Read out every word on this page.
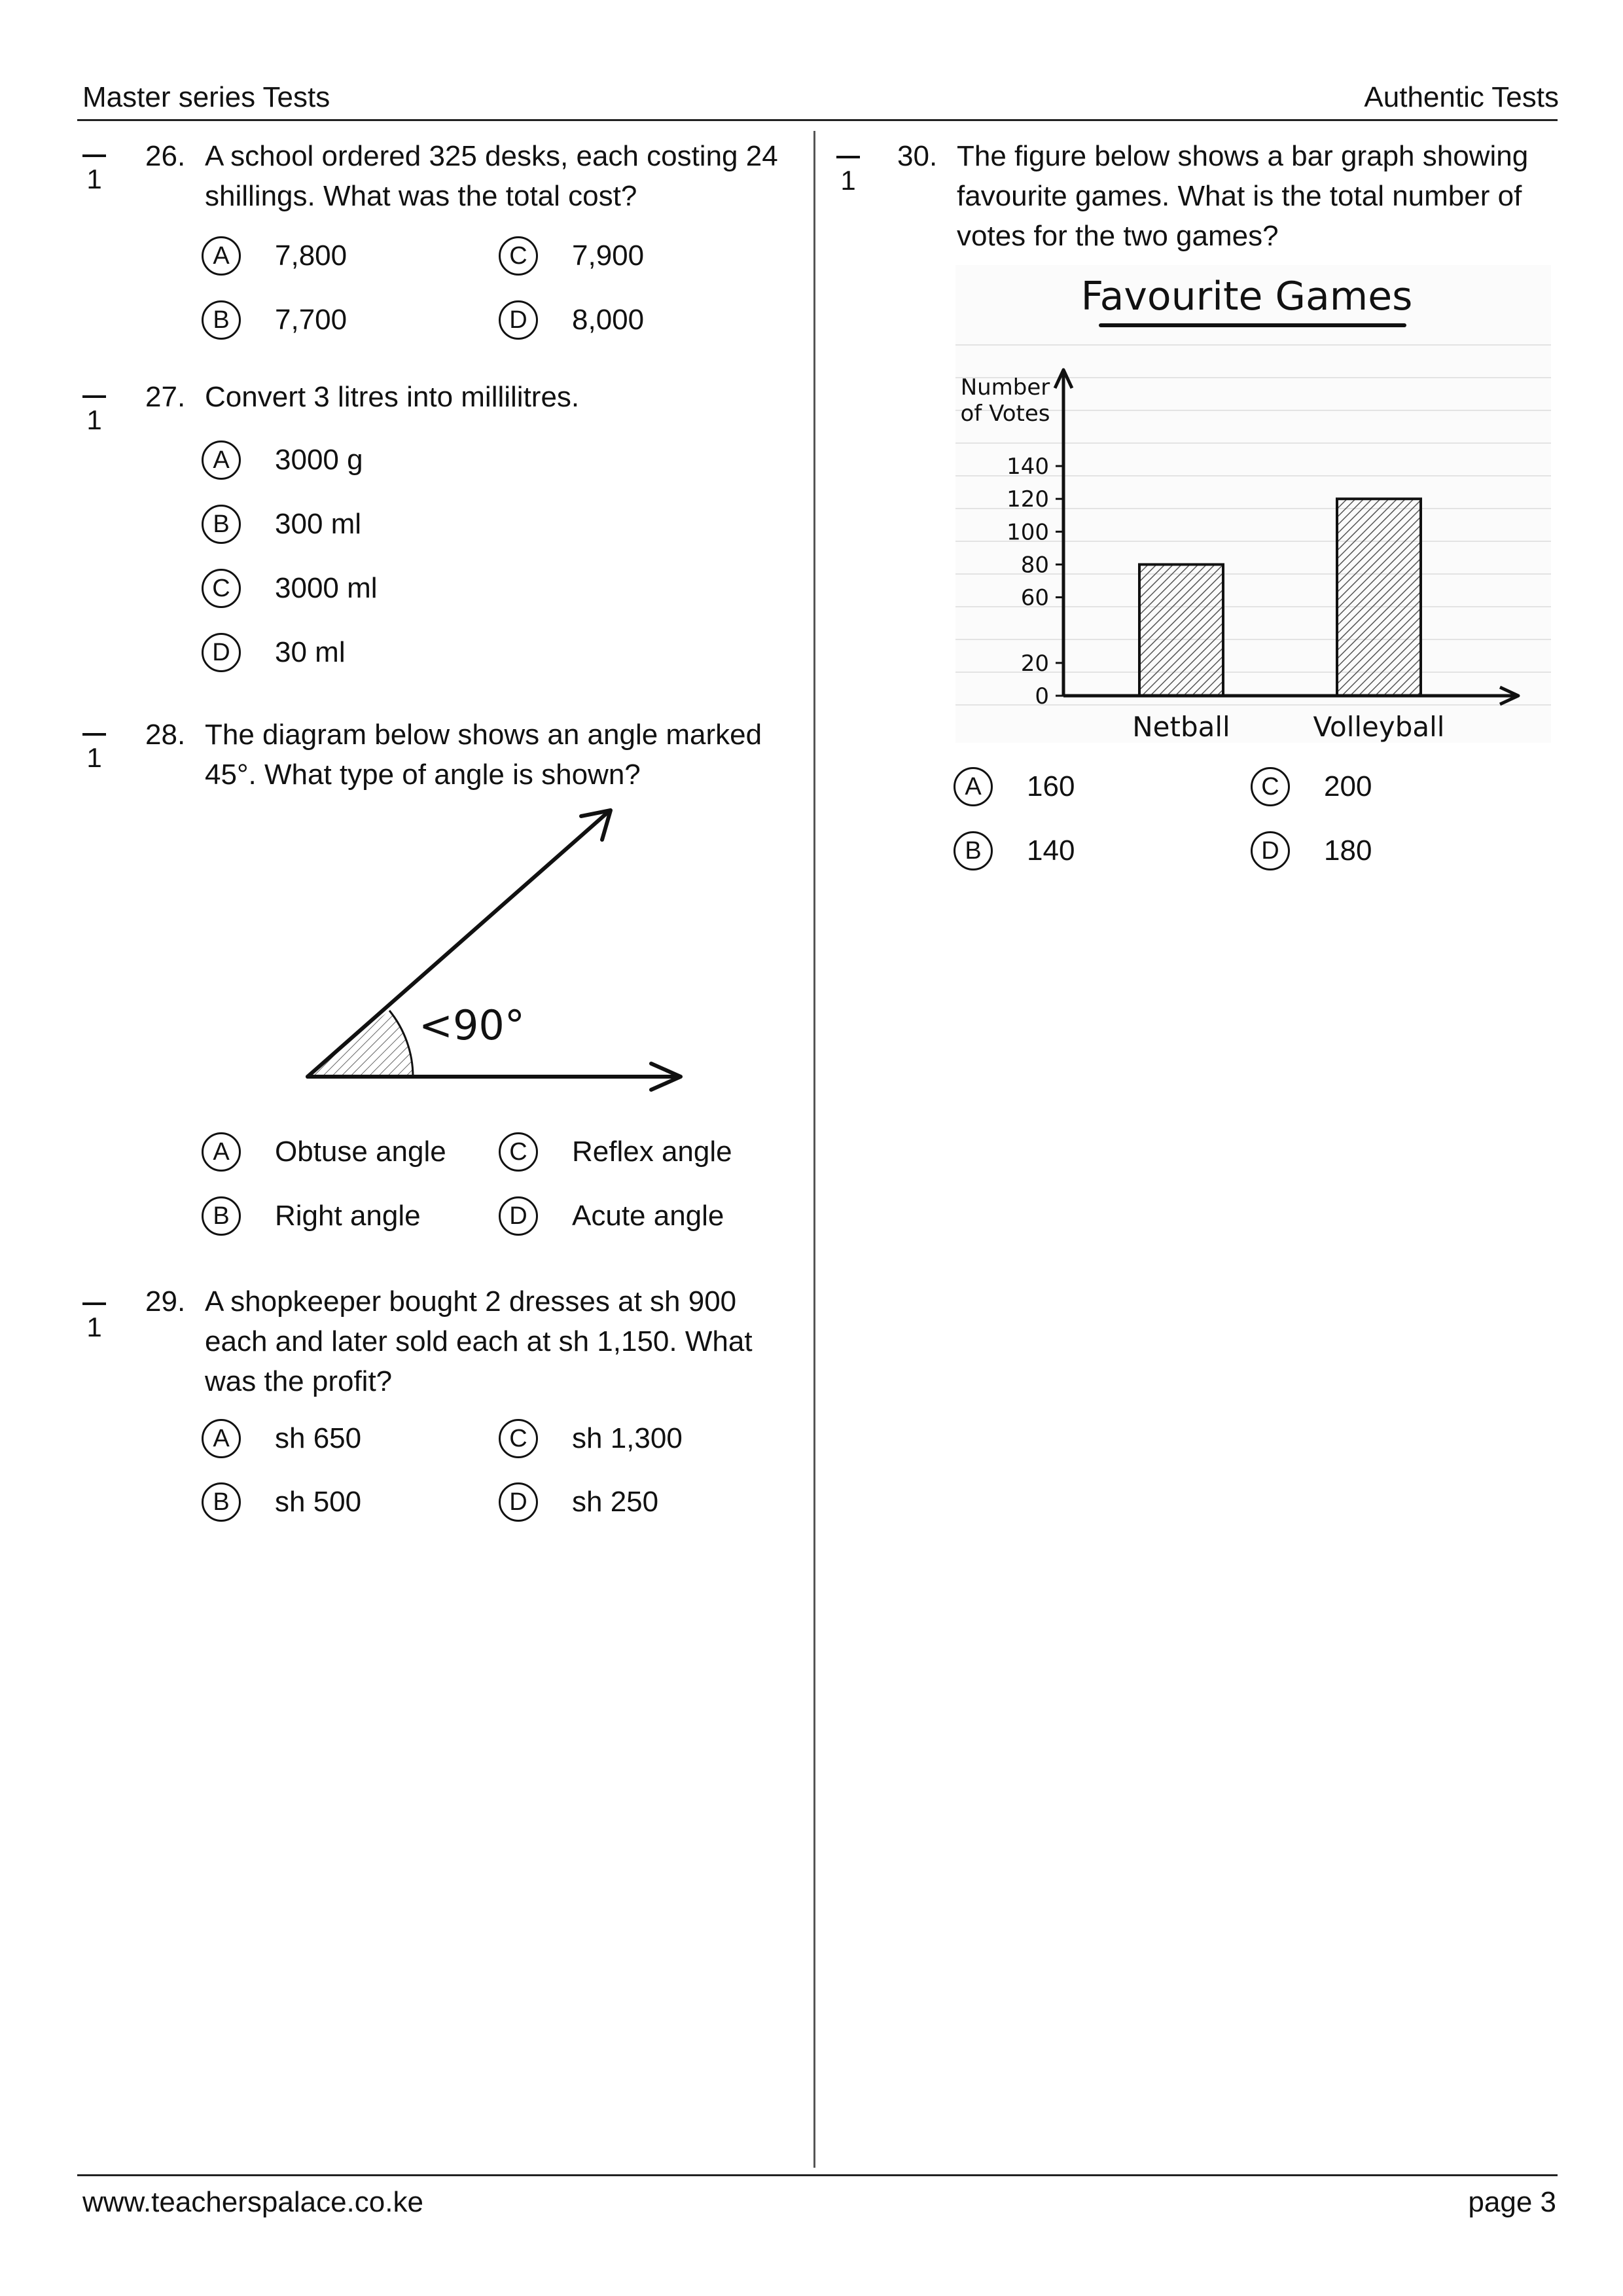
Master series Tests	Authentic Tests
1
26. A school ordered 325 desks, each costing 24 shillings. What was the total cost?
A	7,800	C	7,900
B	7,700	D	8,000
1
27. Convert 3 litres into millilitres.
A	3000 g
B	300 ml
C	3000 ml
D	30 ml
1
28. The diagram below shows an angle marked 45°. What type of angle is shown?
<90°
A	Obtuse angle	C	Reflex angle
B	Right angle	D	Acute angle
1
29. A shopkeeper bought 2 dresses at sh 900 each and later sold each at sh 1,150. What was the profit?
A	sh 650	C	sh 1,300
B	sh 500	D	sh 250
1
30. The figure below shows a bar graph showing favourite games. What is the total number of votes for the two games?
Favourite Games
Number
of Votes
0
20
60
80
100
120
140
Netball	Volleyball
A	160	C	200
B	140	D	180
www.teacherspalace.co.ke	page 3
